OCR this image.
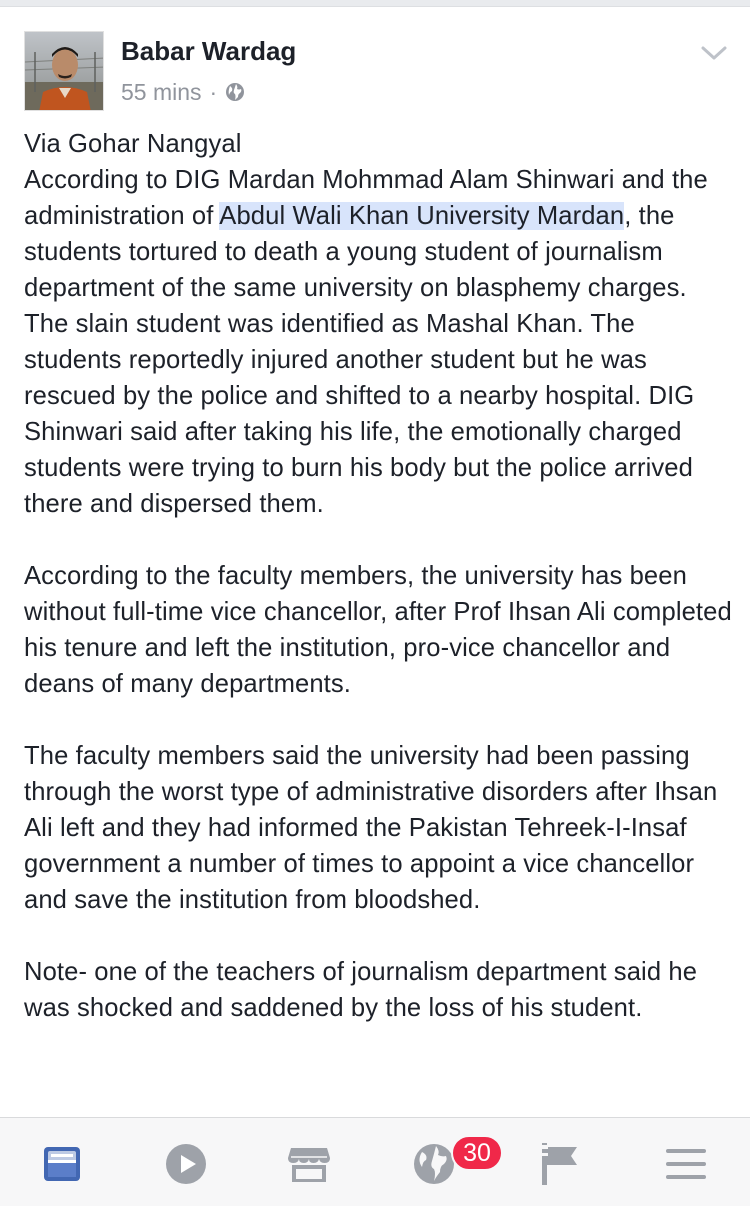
Babar Wardag
55 mins ·

Via Gohar Nangyal
According to DIG Mardan Mohmmad Alam Shinwari and the administration of Abdul Wali Khan University Mardan, the students tortured to death a young student of journalism department of the same university on blasphemy charges. The slain student was identified as Mashal Khan. The students reportedly injured another student but he was rescued by the police and shifted to a nearby hospital. DIG Shinwari said after taking his life, the emotionally charged students were trying to burn his body but the police arrived there and dispersed them.

According to the faculty members, the university has been without full-time vice chancellor, after Prof Ihsan Ali completed his tenure and left the institution, pro-vice chancellor and deans of many departments.

The faculty members said the university had been passing through the worst type of administrative disorders after Ihsan Ali left and they had informed the Pakistan Tehreek-I-Insaf government a number of times to appoint a vice chancellor and save the institution from bloodshed.

Note- one of the teachers of journalism department said he was shocked and saddened by the loss of his student.

30
